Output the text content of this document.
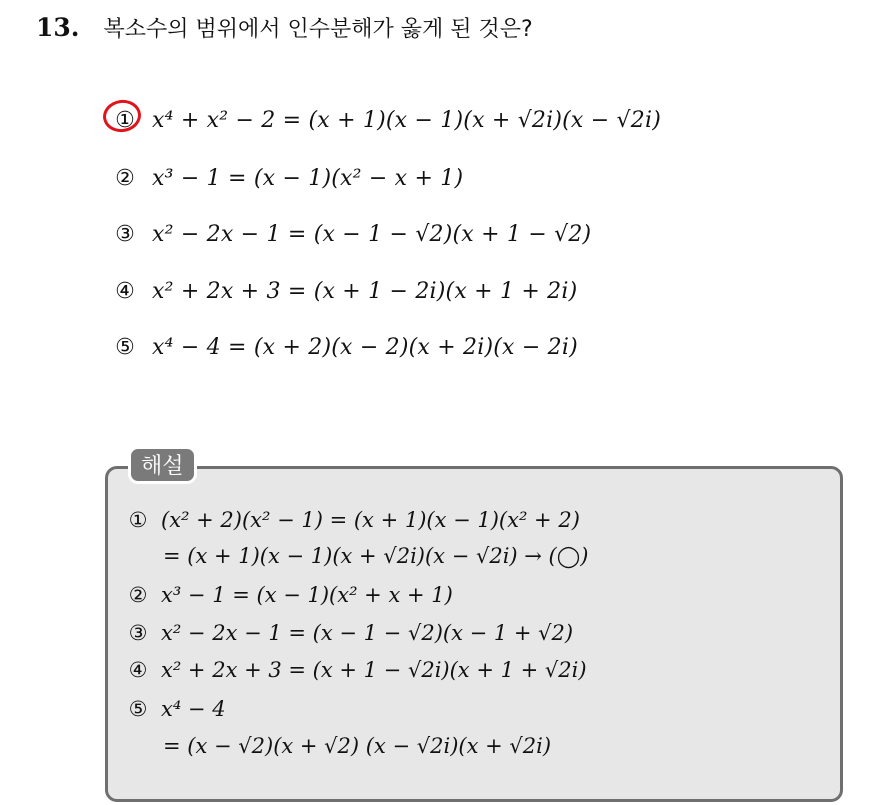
13. 복소수의 범위에서 인수분해가 옳게 된 것은?
① x⁴ + x² − 2 = (x + 1)(x − 1)(x + √2i)(x − √2i)
② x³ − 1 = (x − 1)(x² − x + 1)
③ x² − 2x − 1 = (x − 1 − √2)(x + 1 − √2)
④ x² + 2x + 3 = (x + 1 − 2i)(x + 1 + 2i)
⑤ x⁴ − 4 = (x + 2)(x − 2)(x + 2i)(x − 2i)
해설
① (x² + 2)(x² − 1) = (x + 1)(x − 1)(x² + 2)
= (x + 1)(x − 1)(x + √2i)(x − √2i) → (◯)
② x³ − 1 = (x − 1)(x² + x + 1)
③ x² − 2x − 1 = (x − 1 − √2)(x − 1 + √2)
④ x² + 2x + 3 = (x + 1 − √2i)(x + 1 + √2i)
⑤ x⁴ − 4
= (x − √2)(x + √2) (x − √2i)(x + √2i)
